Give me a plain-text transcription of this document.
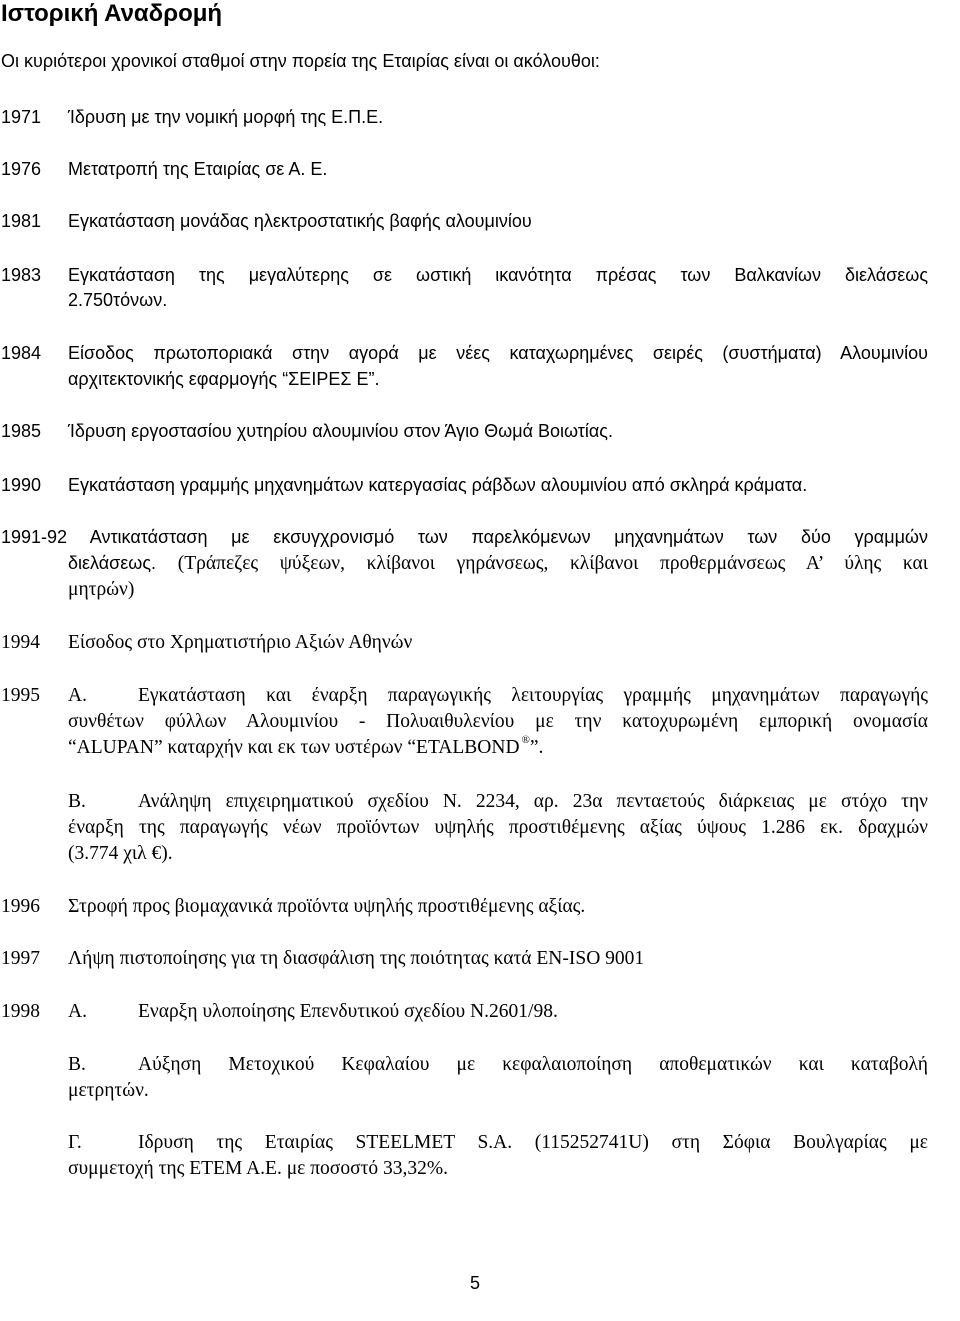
Ιστορική Αναδρομή
Οι κυριότεροι χρονικοί σταθμοί στην πορεία της Εταιρίας είναι οι ακόλουθοι:
1971 Ίδρυση με την νομική μορφή της Ε.Π.Ε.
1976 Μετατροπή της Εταιρίας σε Α. Ε.
1981 Εγκατάσταση μονάδας ηλεκτροστατικής βαφής αλουμινίου
1983 Εγκατάσταση της μεγαλύτερης σε ωστική ικανότητα πρέσας των Βαλκανίων διελάσεως
2.750τόνων.
1984 Είσοδος πρωτοποριακά στην αγορά με νέες καταχωρημένες σειρές (συστήματα) Αλουμινίου
αρχιτεκτονικής εφαρμογής “ΣΕΙΡΕΣ Ε”.
1985 Ίδρυση εργοστασίου χυτηρίου αλουμινίου στον Άγιο Θωμά Βοιωτίας.
1990 Εγκατάσταση γραμμής μηχανημάτων κατεργασίας ράβδων αλουμινίου από σκληρά κράματα.
1991-92 Αντικατάσταση με εκσυγχρονισμό των παρελκόμενων μηχανημάτων των δύο γραμμών
διελάσεως. (Τράπεζες ψύξεων, κλίβανοι γηράνσεως, κλίβανοι προθερμάνσεως Α’ ύλης και
μητρών)
1994 Είσοδος στο Χρηματιστήριο Αξιών Αθηνών
1995 Α.	Εγκατάσταση και έναρξη παραγωγικής λειτουργίας γραμμής μηχανημάτων παραγωγής
συνθέτων φύλλων Αλουμινίου - Πολυαιθυλενίου με την κατοχυρωμένη εμπορική ονομασία
“ALUPAN” καταρχήν και εκ των υστέρων “ETALBOND ®”.
Β.	Ανάληψη επιχειρηματικού σχεδίου Ν. 2234, αρ. 23α πενταετούς διάρκειας με στόχο την
έναρξη της παραγωγής νέων προϊόντων υψηλής προστιθέμενης αξίας ύψους 1.286 εκ. δραχμών
(3.774 χιλ €).
1996 Στροφή προς βιομαχανικά προϊόντα υψηλής προστιθέμενης αξίας.
1997 Λήψη πιστοποίησης για τη διασφάλιση της ποιότητας κατά EN-ISO 9001
1998 Α.	Εναρξη υλοποίησης Επενδυτικού σχεδίου Ν.2601/98.
Β.	Αύξηση Μετοχικού Κεφαλαίου με κεφαλαιοποίηση αποθεματικών και καταβολή
μετρητών.
Γ.	Ιδρυση της Εταιρίας STEELMET S.A. (115252741U) στη Σόφια Βουλγαρίας με
συμμετοχή της ΕΤΕΜ Α.Ε. με ποσοστό 33,32%.
5
